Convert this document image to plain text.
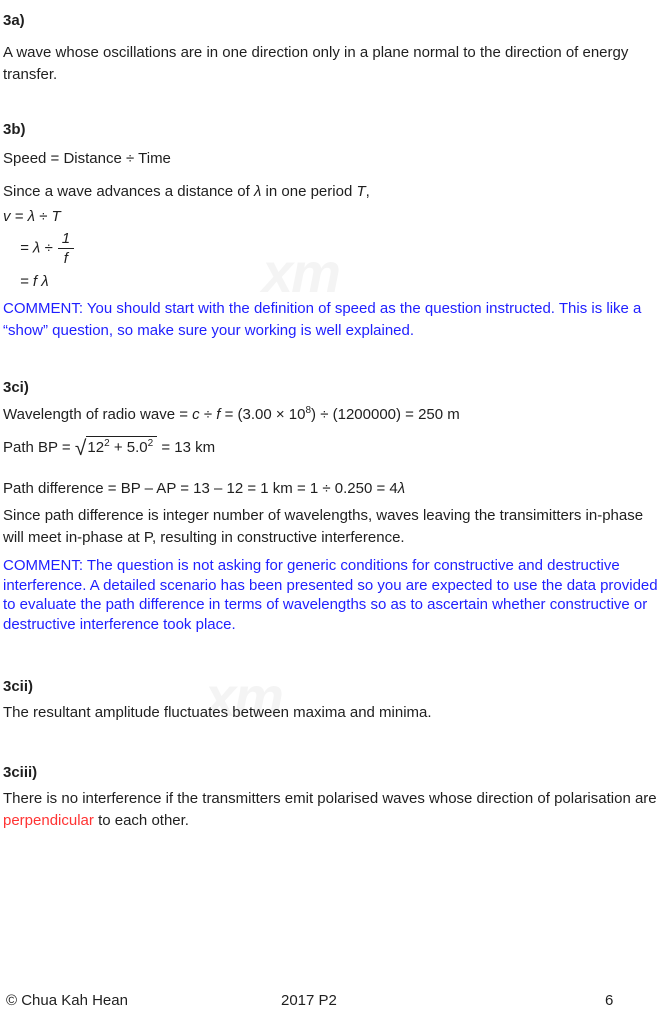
3a)
A wave whose oscillations are in one direction only in a plane normal to the direction of energy transfer.
3b)
Speed = Distance ÷ Time
Since a wave advances a distance of λ in one period T,
v = λ ÷ T
= $\lambda \div \frac{1}{f}$
= f λ
COMMENT: You should start with the definition of speed as the question instructed. This is like a “show” question, so make sure your working is well explained.
3ci)
Wavelength of radio wave = $c \div f = (3.00 \times 10^8) \div (1200000) = 250$ m
Path BP = $√12^2 + 5.0^2 = 13$ km
Path difference = BP – AP = 13 – 12 = 1 km = 1 ÷ 0.250 = 4λ
Since path difference is integer number of wavelengths, waves leaving the transimitters in-phase will meet in-phase at P, resulting in constructive interference.
COMMENT: The question is not asking for generic conditions for constructive and destructive interference. A detailed scenario has been presented so you are expected to use the data provided to evaluate the path difference in terms of wavelengths so as to ascertain whether constructive or destructive interference took place.
3cii)
The resultant amplitude fluctuates between maxima and minima.
3ciii)
There is no interference if the transmitters emit polarised waves whose direction of polarisation are perpendicular to each other.
© Chua Kah Hean	2017 P2	6
